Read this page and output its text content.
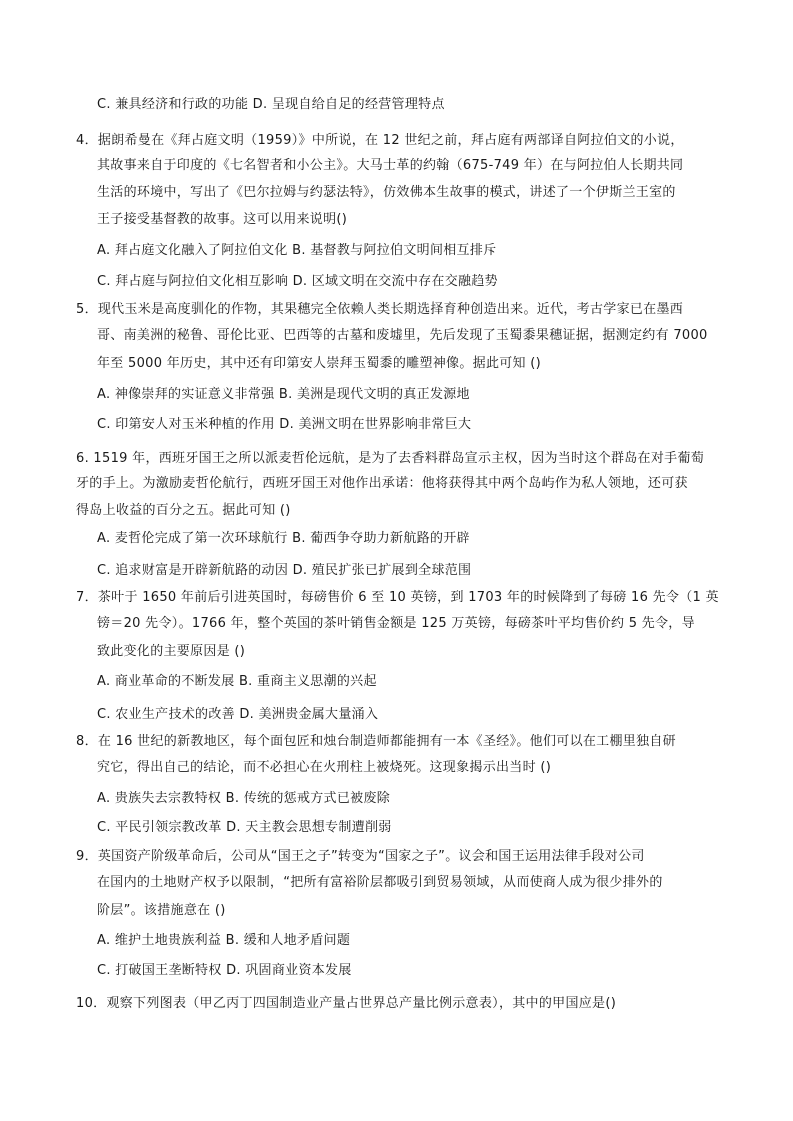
C. 兼具经济和行政的功能 D. 呈现自给自足的经营管理特点
4．据朗希曼在《拜占庭文明（1959）》中所说，在 12 世纪之前，拜占庭有两部译自阿拉伯文的小说，
其故事来自于印度的《七名智者和小公主》。大马士革的约翰（675-749 年）在与阿拉伯人长期共同
生活的环境中，写出了《巴尔拉姆与约瑟法特》，仿效佛本生故事的模式，讲述了一个伊斯兰王室的
王子接受基督教的故事。这可以用来说明()
A. 拜占庭文化融入了阿拉伯文化 B. 基督教与阿拉伯文明间相互排斥
C. 拜占庭与阿拉伯文化相互影响 D. 区域文明在交流中存在交融趋势
5．现代玉米是高度驯化的作物，其果穗完全依赖人类长期选择育种创造出来。近代，考古学家已在墨西
哥、南美洲的秘鲁、哥伦比亚、巴西等的古墓和废墟里，先后发现了玉蜀黍果穗证据，据测定约有 7000
年至 5000 年历史，其中还有印第安人崇拜玉蜀黍的雕塑神像。据此可知 ()
A. 神像崇拜的实证意义非常强 B. 美洲是现代文明的真正发源地
C. 印第安人对玉米种植的作用 D. 美洲文明在世界影响非常巨大
6. 1519 年，西班牙国王之所以派麦哲伦远航，是为了去香料群岛宣示主权，因为当时这个群岛在对手葡萄
牙的手上。为激励麦哲伦航行，西班牙国王对他作出承诺：他将获得其中两个岛屿作为私人领地，还可获
得岛上收益的百分之五。据此可知 ()
A. 麦哲伦完成了第一次环球航行 B. 葡西争夺助力新航路的开辟
C. 追求财富是开辟新航路的动因 D. 殖民扩张已扩展到全球范围
7．茶叶于 1650 年前后引进英国时，每磅售价 6 至 10 英镑，到 1703 年的时候降到了每磅 16 先令（1 英
镑＝20 先令）。1766 年，整个英国的茶叶销售金额是 125 万英镑，每磅茶叶平均售价约 5 先令，导
致此变化的主要原因是 ()
A. 商业革命的不断发展 B. 重商主义思潮的兴起
C. 农业生产技术的改善 D. 美洲贵金属大量涌入
8．在 16 世纪的新教地区，每个面包匠和烛台制造师都能拥有一本《圣经》。他们可以在工棚里独自研
究它，得出自己的结论，而不必担心在火刑柱上被烧死。这现象揭示出当时 ()
A. 贵族失去宗教特权 B. 传统的惩戒方式已被废除
C. 平民引领宗教改革 D. 天主教会思想专制遭削弱
9．英国资产阶级革命后，公司从“国王之子”转变为“国家之子”。议会和国王运用法律手段对公司
在国内的土地财产权予以限制，“把所有富裕阶层都吸引到贸易领域，从而使商人成为很少排外的
阶层”。该措施意在 ()
A. 维护土地贵族利益 B. 缓和人地矛盾问题
C. 打破国王垄断特权 D. 巩固商业资本发展
10．观察下列图表（甲乙丙丁四国制造业产量占世界总产量比例示意表），其中的甲国应是()
